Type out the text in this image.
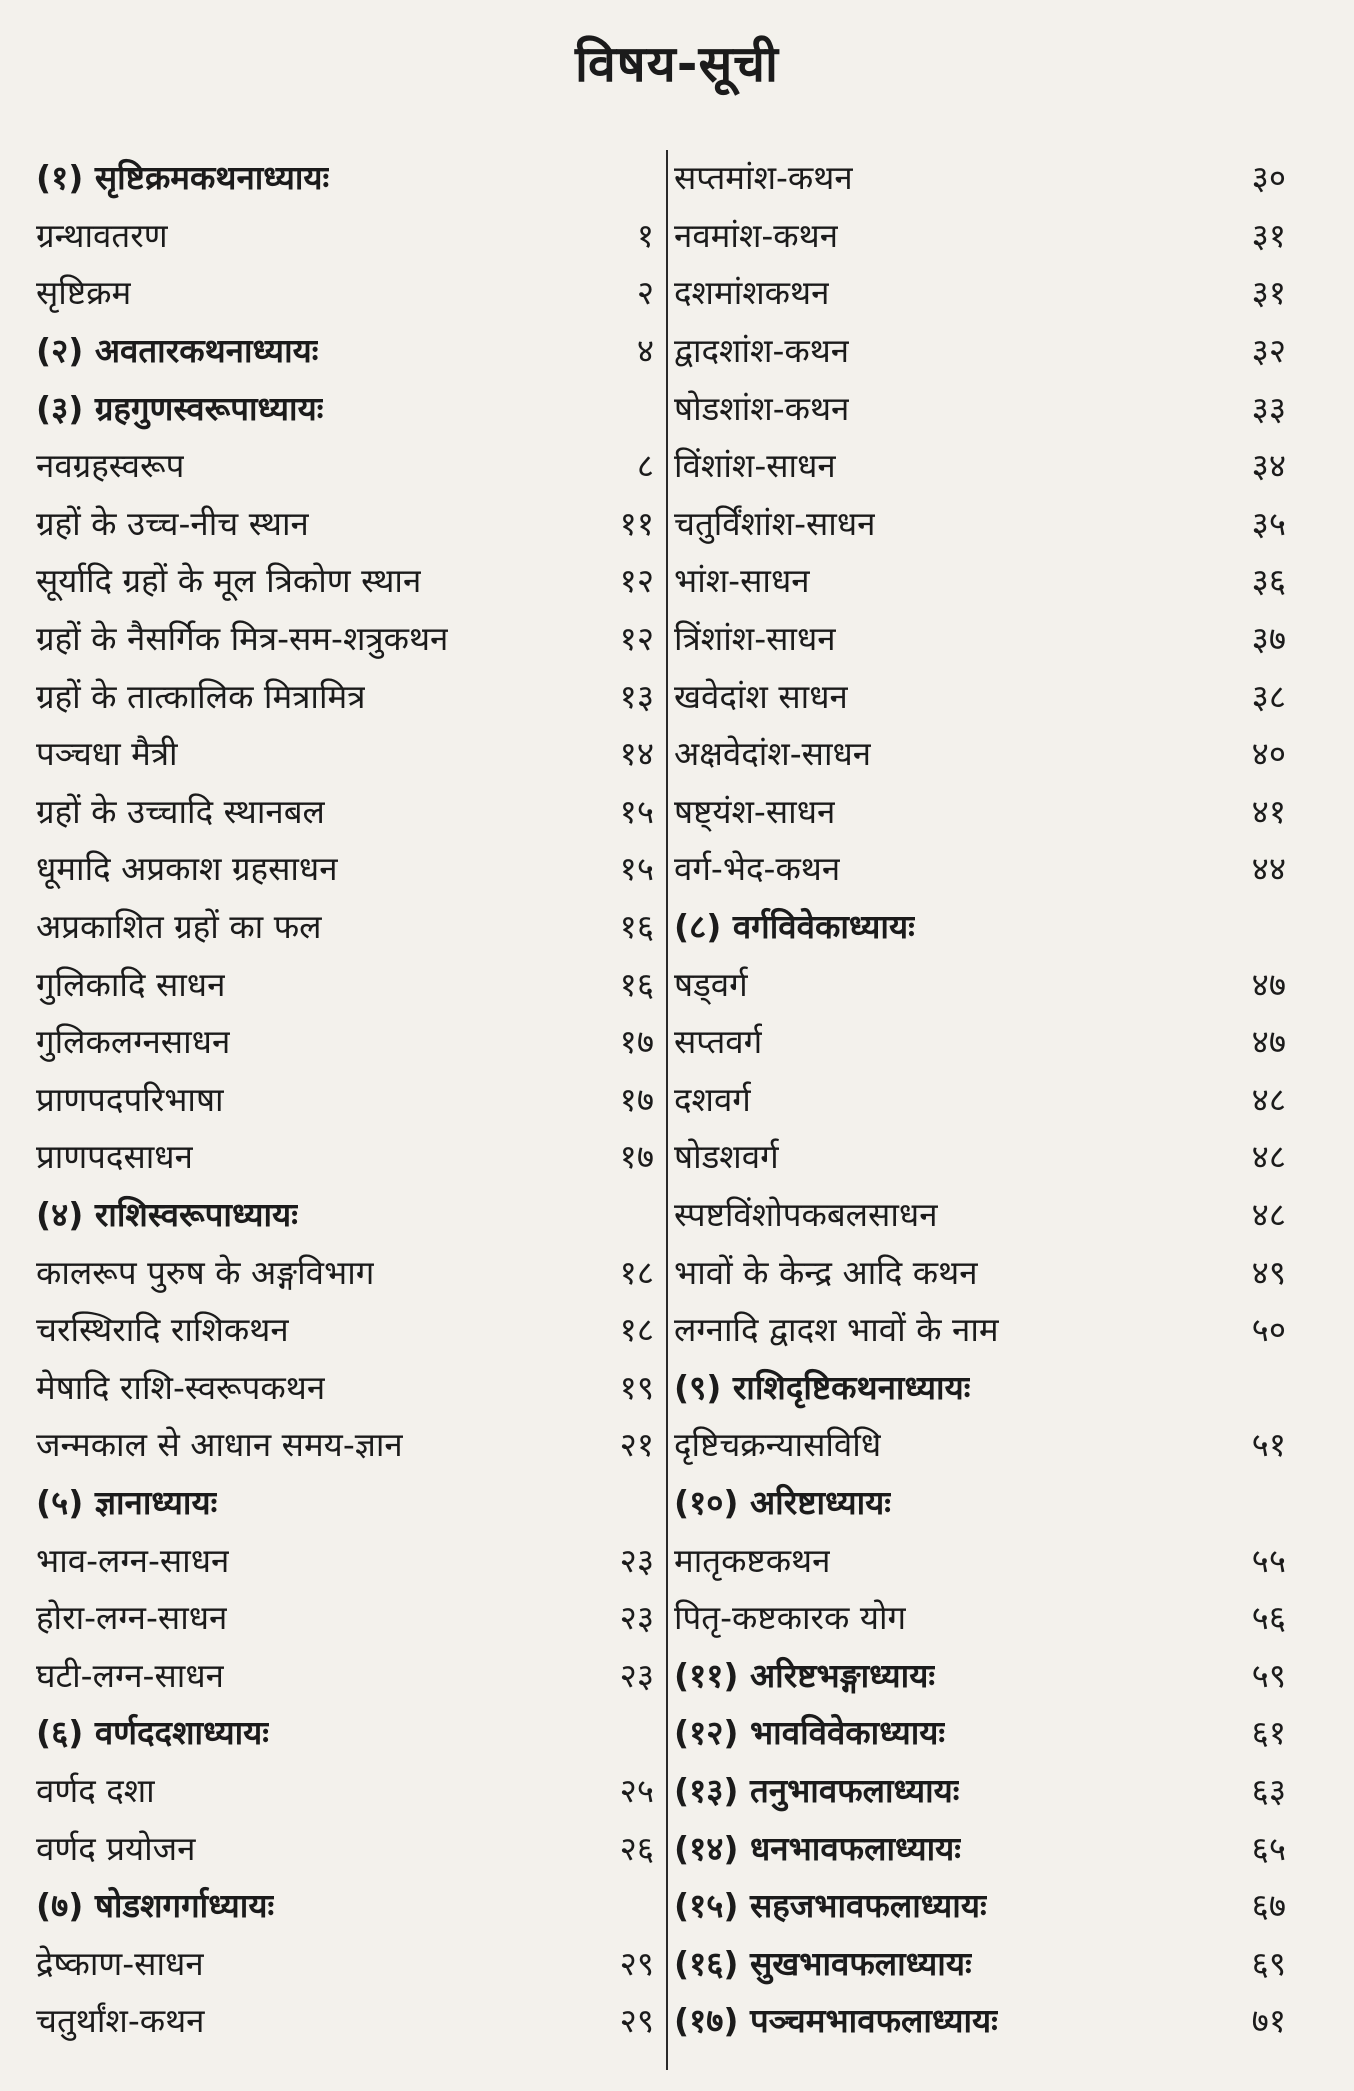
विषय-सूची
(१) सृष्टिक्रमकथनाध्यायः
ग्रन्थावतरण	१
सृष्टिक्रम	२
(२) अवतारकथनाध्यायः	४
(३) ग्रहगुणस्वरूपाध्यायः
नवग्रहस्वरूप	८
ग्रहों के उच्च-नीच स्थान	११
सूर्यादि ग्रहों के मूल त्रिकोण स्थान	१२
ग्रहों के नैसर्गिक मित्र-सम-शत्रुकथन	१२
ग्रहों के तात्कालिक मित्रामित्र	१३
पञ्चधा मैत्री	१४
ग्रहों के उच्चादि स्थानबल	१५
धूमादि अप्रकाश ग्रहसाधन	१५
अप्रकाशित ग्रहों का फल	१६
गुलिकादि साधन	१६
गुलिकलग्नसाधन	१७
प्राणपदपरिभाषा	१७
प्राणपदसाधन	१७
(४) राशिस्वरूपाध्यायः
कालरूप पुरुष के अङ्गविभाग	१८
चरस्थिरादि राशिकथन	१८
मेषादि राशि-स्वरूपकथन	१९
जन्मकाल से आधान समय-ज्ञान	२१
(५) ज्ञानाध्यायः
भाव-लग्न-साधन	२३
होरा-लग्न-साधन	२३
घटी-लग्न-साधन	२३
(६) वर्णददशाध्यायः
वर्णद दशा	२५
वर्णद प्रयोजन	२६
(७) षोडशगर्गाध्यायः
द्रेष्काण-साधन	२९
चतुर्थांश-कथन	२९
सप्तमांश-कथन	३०
नवमांश-कथन	३१
दशमांशकथन	३१
द्वादशांश-कथन	३२
षोडशांश-कथन	३३
विंशांश-साधन	३४
चतुर्विंशांश-साधन	३५
भांश-साधन	३६
त्रिंशांश-साधन	३७
खवेदांश साधन	३८
अक्षवेदांश-साधन	४०
षष्ट्यंश-साधन	४१
वर्ग-भेद-कथन	४४
(८) वर्गविवेकाध्यायः
षड्वर्ग	४७
सप्तवर्ग	४७
दशवर्ग	४८
षोडशवर्ग	४८
स्पष्टविंशोपकबलसाधन	४८
भावों के केन्द्र आदि कथन	४९
लग्नादि द्वादश भावों के नाम	५०
(९) राशिदृष्टिकथनाध्यायः
दृष्टिचक्रन्यासविधि	५१
(१०) अरिष्टाध्यायः
मातृकष्टकथन	५५
पितृ-कष्टकारक योग	५६
(११) अरिष्टभङ्गाध्यायः	५९
(१२) भावविवेकाध्यायः	६१
(१३) तनुभावफलाध्यायः	६३
(१४) धनभावफलाध्यायः	६५
(१५) सहजभावफलाध्यायः	६७
(१६) सुखभावफलाध्यायः	६९
(१७) पञ्चमभावफलाध्यायः	७१
